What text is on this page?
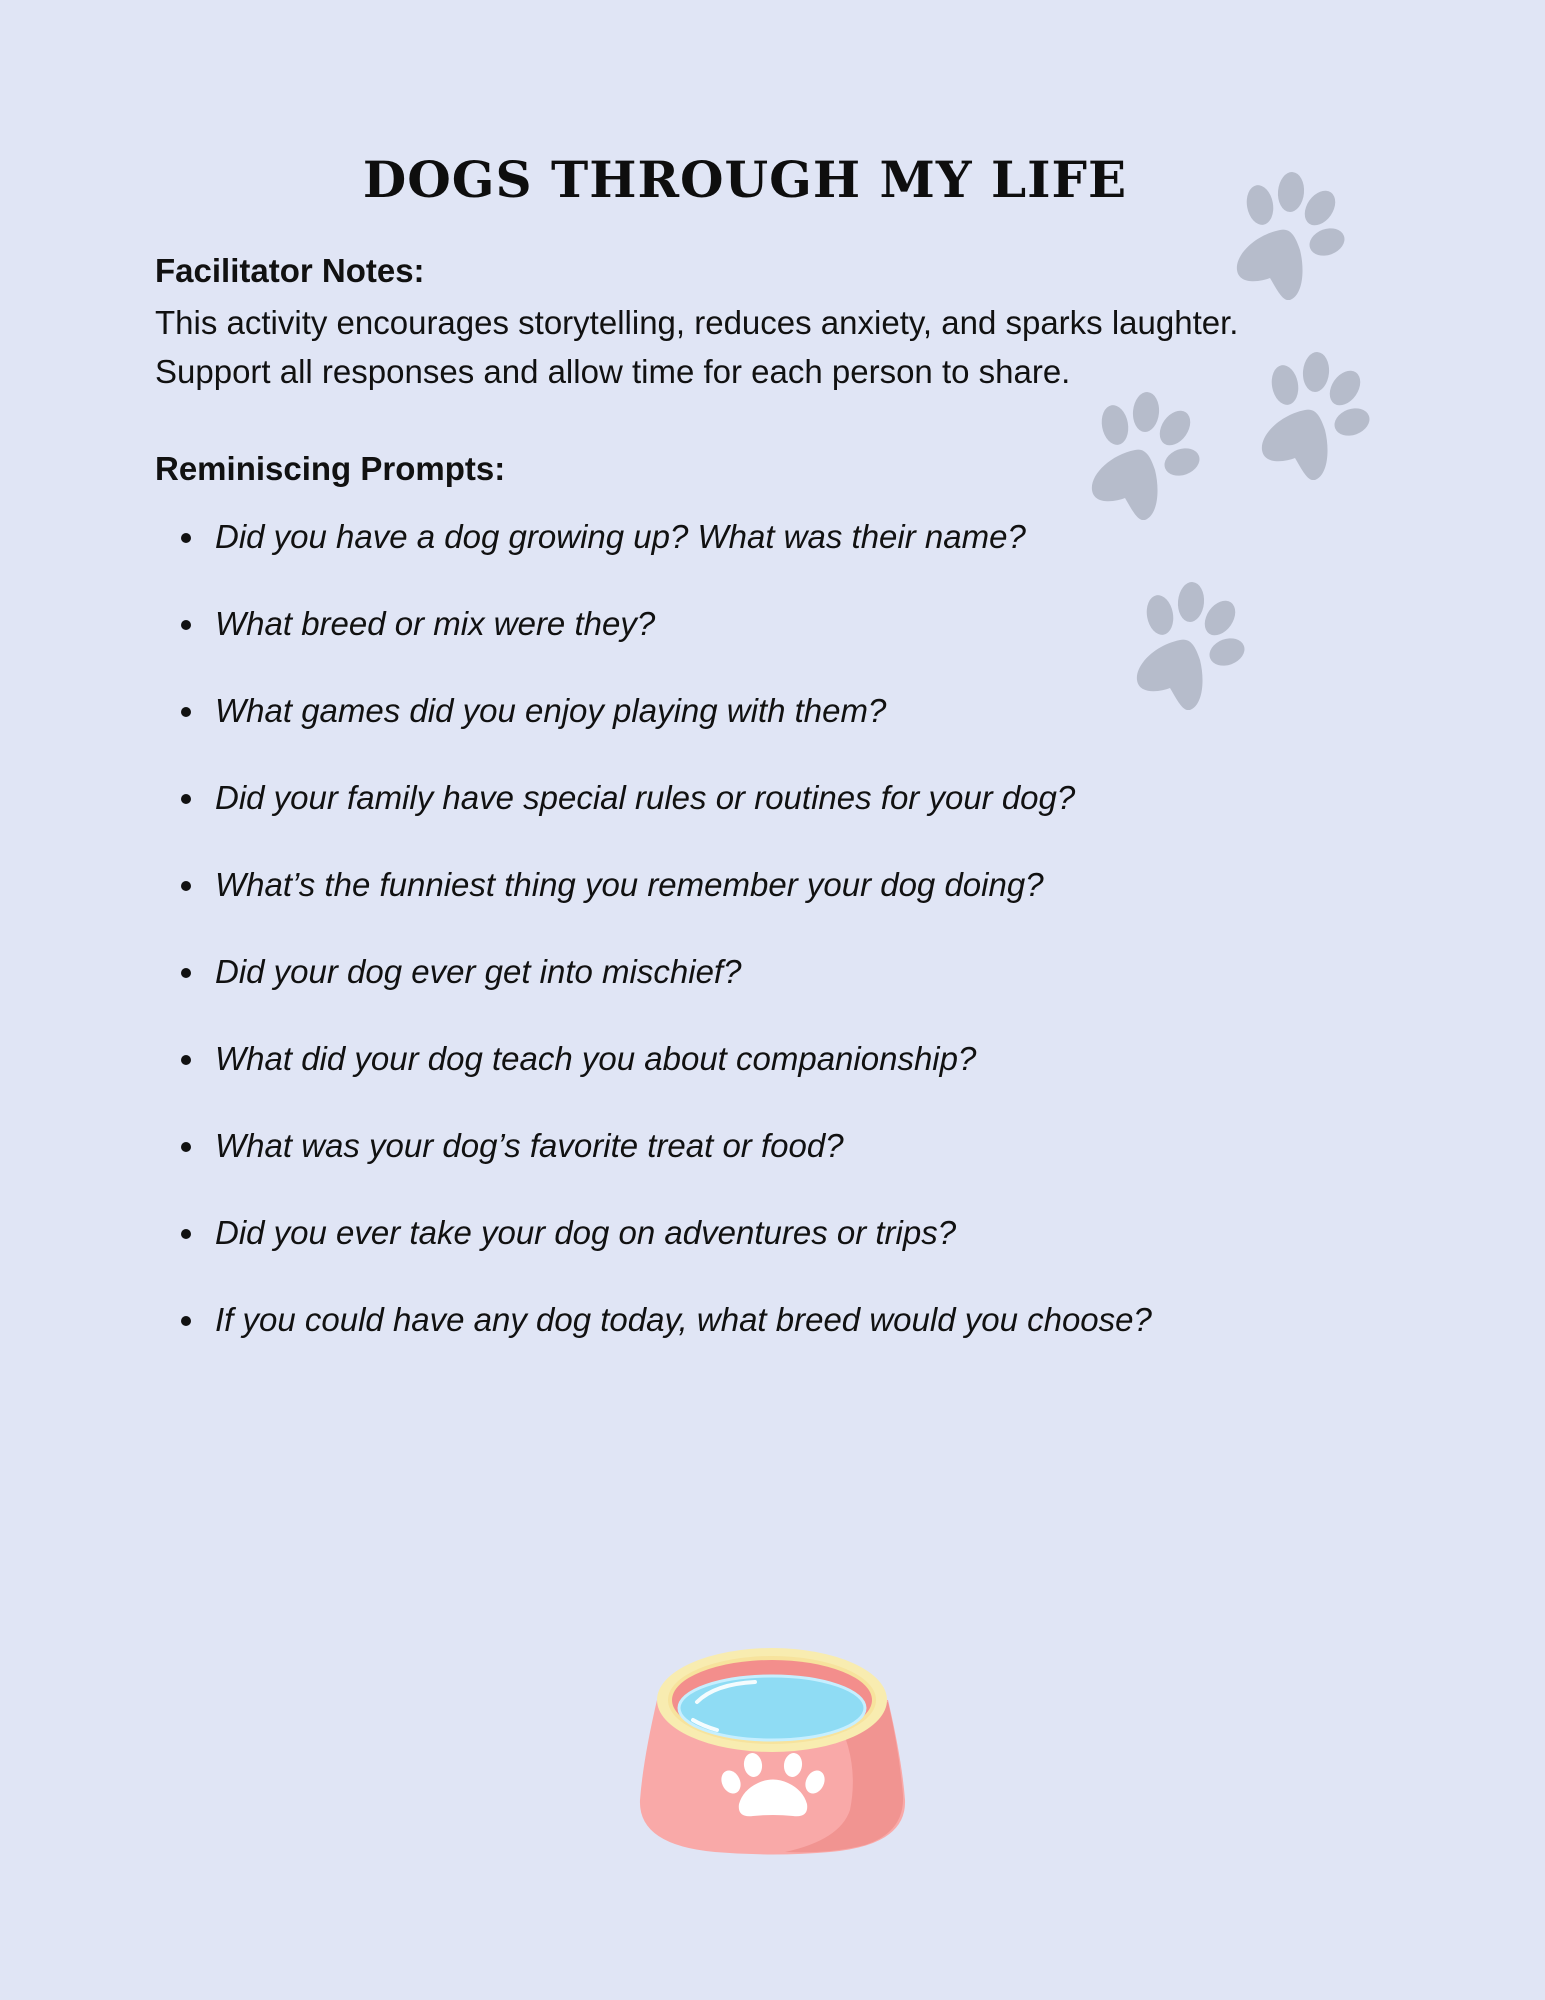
DOGS THROUGH MY LIFE
Facilitator Notes:

This activity encourages storytelling, reduces anxiety, and sparks laughter.
Support all responses and allow time for each person to share.

Reminiscing Prompts:
Did you have a dog growing up? What was their name?
What breed or mix were they?
What games did you enjoy playing with them?
Did your family have special rules or routines for your dog?
What’s the funniest thing you remember your dog doing?
Did your dog ever get into mischief?
What did your dog teach you about companionship?
What was your dog’s favorite treat or food?
Did you ever take your dog on adventures or trips?
If you could have any dog today, what breed would you choose?
